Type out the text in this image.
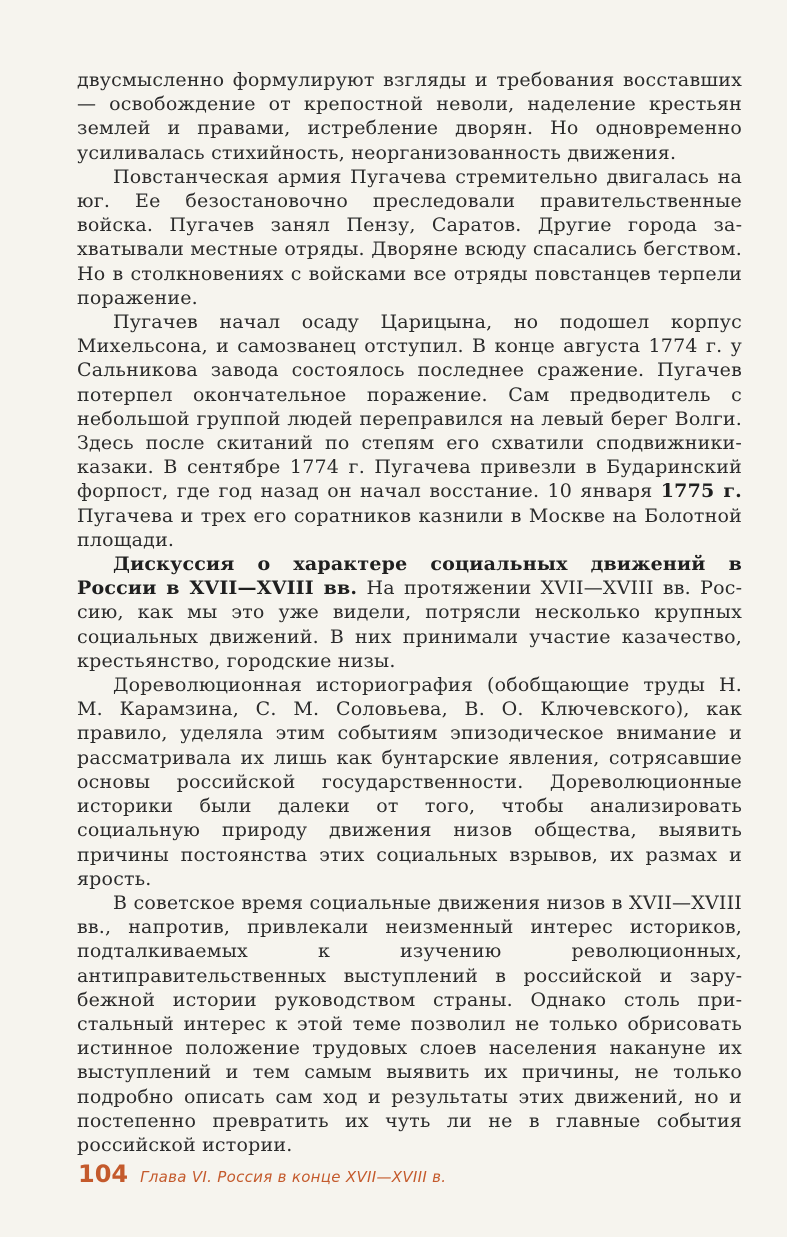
двусмысленно формулируют взгляды и требования восставших — освобождение от крепостной неволи, наделение крестьян землей и правами, истребление дворян. Но одновременно усиливалась стихийность, неорганизованность движения.

Повстанческая армия Пугачева стремительно двигалась на юг. Ее безостановочно преследовали правительственные войска. Пугачев занял Пензу, Саратов. Другие города захватывали местные отряды. Дворяне всюду спасались бегством. Но в столкновениях с войсками все отряды повстанцев терпели поражение.

Пугачев начал осаду Царицына, но подошел корпус Михельсона, и самозванец отступил. В конце августа 1774 г. у Сальникова завода состоялось последнее сражение. Пугачев потерпел окончательное поражение. Сам предводитель с небольшой группой людей переправился на левый берег Волги. Здесь после скитаний по степям его схватили сподвижники-казаки. В сентябре 1774 г. Пугачева привезли в Бударинский форпост, где год назад он начал восстание. 10 января 1775 г. Пугачева и трех его соратников казнили в Москве на Болотной площади.

Дискуссия о характере социальных движений в России в XVII—XVIII вв. На протяжении XVII—XVIII вв. Россию, как мы это уже видели, потрясли несколько крупных социальных движений. В них принимали участие казачество, крестьянство, городские низы.

Дореволюционная историография (обобщающие труды Н. М. Карамзина, С. М. Соловьева, В. О. Ключевского), как правило, уделяла этим событиям эпизодическое внимание и рассматривала их лишь как бунтарские явления, сотрясавшие основы российской государственности. Дореволюционные историки были далеки от того, чтобы анализировать социальную природу движения низов общества, выявить причины постоянства этих социальных взрывов, их размах и ярость.

В советское время социальные движения низов в XVII—XVIII вв., напротив, привлекали неизменный интерес историков, подталкиваемых к изучению революционных, антиправительственных выступлений в российской и зарубежной истории руководством страны. Однако столь пристальный интерес к этой теме позволил не только обрисовать истинное положение трудовых слоев населения накануне их выступлений и тем самым выявить их причины, не только подробно описать сам ход и результаты этих движений, но и постепенно превратить их чуть ли не в главные события российской истории.

104 Глава VI. Россия в конце XVII—XVIII в.
